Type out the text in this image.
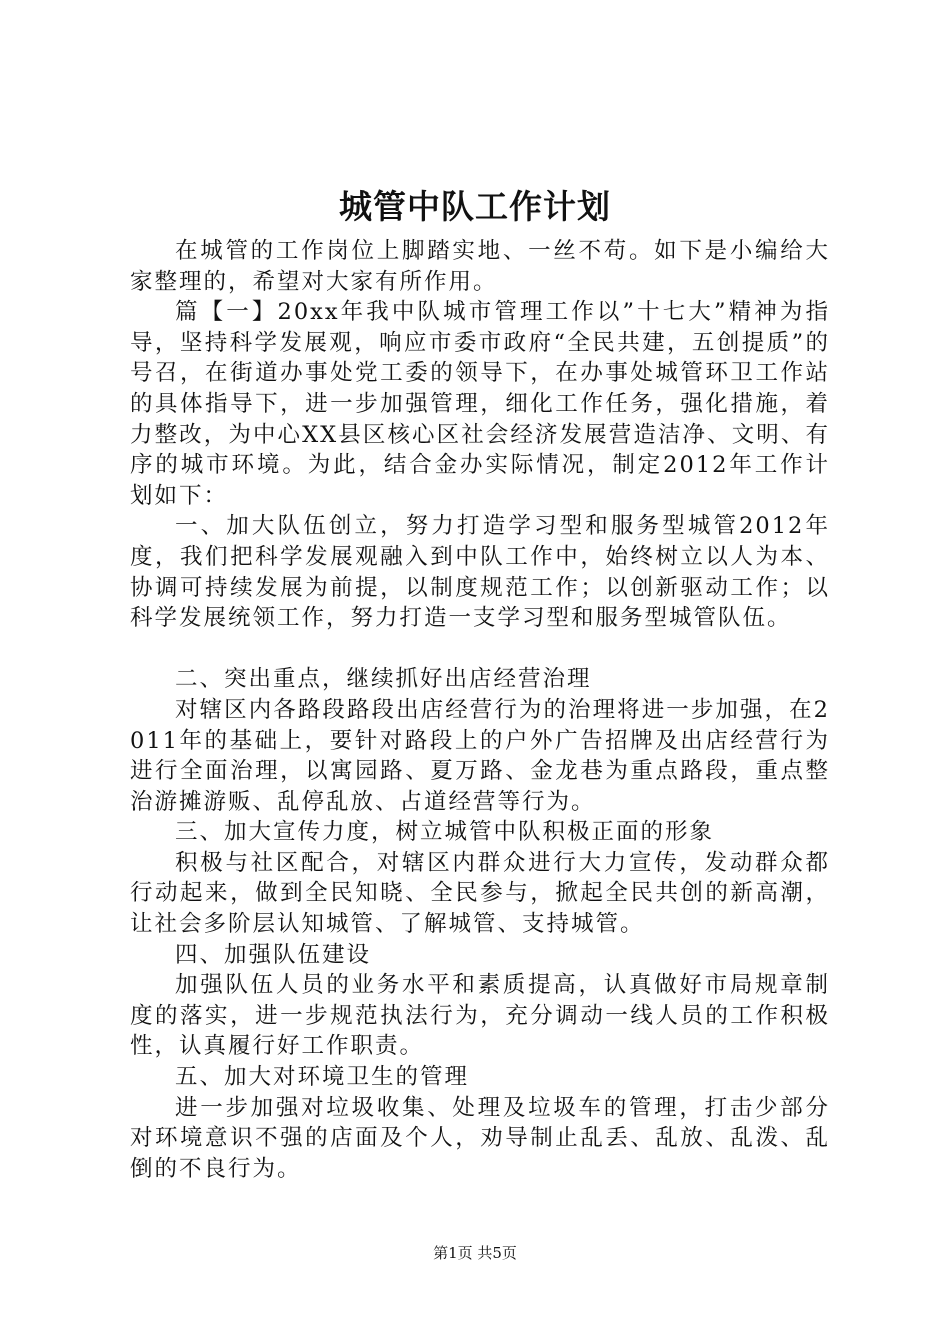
城管中队工作计划

在城管的工作岗位上脚踏实地、一丝不苟。如下是小编给大家整理的，希望对大家有所作用。

篇【一】20xx年我中队城市管理工作以”十七大”精神为指导，坚持科学发展观，响应市委市政府“全民共建，五创提质”的号召，在街道办事处党工委的领导下，在办事处城管环卫工作站的具体指导下，进一步加强管理，细化工作任务，强化措施，着力整改，为中心XX县区核心区社会经济发展营造洁净、文明、有序的城市环境。为此，结合金办实际情况，制定2012年工作计划如下：

一、加大队伍创立，努力打造学习型和服务型城管2012年度，我们把科学发展观融入到中队工作中，始终树立以人为本、协调可持续发展为前提，以制度规范工作；以创新驱动工作；以科学发展统领工作，努力打造一支学习型和服务型城管队伍。

二、突出重点，继续抓好出店经营治理

对辖区内各路段路段出店经营行为的治理将进一步加强，在2011年的基础上，要针对路段上的户外广告招牌及出店经营行为进行全面治理，以寓园路、夏万路、金龙巷为重点路段，重点整治游摊游贩、乱停乱放、占道经营等行为。

三、加大宣传力度，树立城管中队积极正面的形象

积极与社区配合，对辖区内群众进行大力宣传，发动群众都行动起来，做到全民知晓、全民参与，掀起全民共创的新高潮，让社会多阶层认知城管、了解城管、支持城管。

四、加强队伍建设

加强队伍人员的业务水平和素质提高，认真做好市局规章制度的落实，进一步规范执法行为，充分调动一线人员的工作积极性，认真履行好工作职责。

五、加大对环境卫生的管理

进一步加强对垃圾收集、处理及垃圾车的管理，打击少部分对环境意识不强的店面及个人，劝导制止乱丢、乱放、乱泼、乱倒的不良行为。

第1页 共5页
